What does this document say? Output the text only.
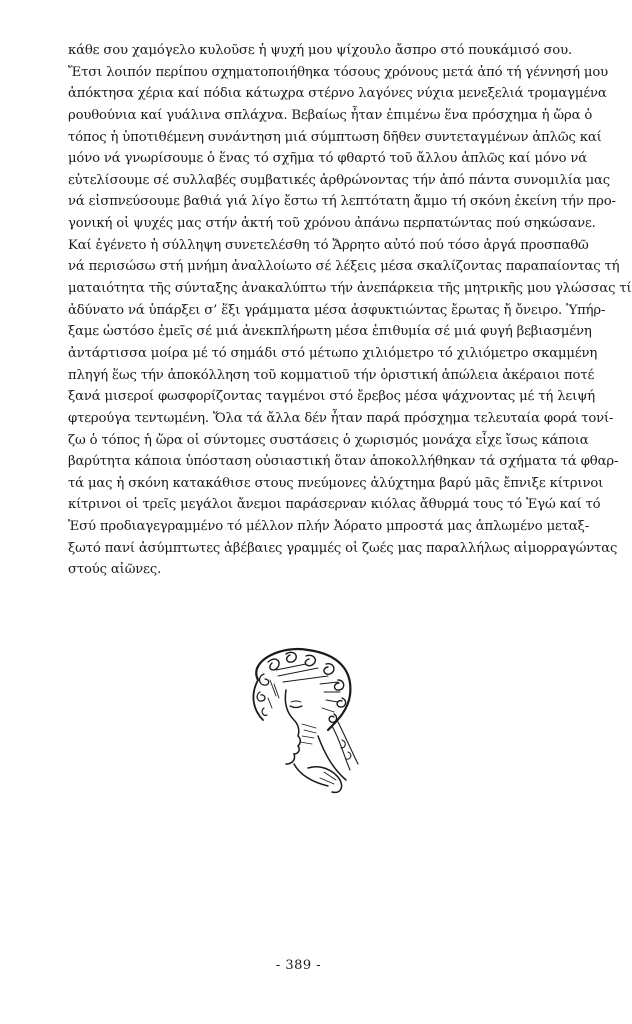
κάθε σου χαμόγελο κυλοῦσε ἡ ψυχή μου ψίχουλο ἄσπρο στό πουκάμισό σου.
Ἔτσι λοιπόν περίπου σχηματοποιήθηκα τόσους χρόνους μετά ἀπό τή γέννησή μου
ἀπόκτησα χέρια καί πόδια κάτωχρα στέρνο λαγόνες νύχια μενεξελιά τρομαγμένα
ρουθούνια καί γυάλινα σπλάχνα. Βεβαίως ἦταν ἐπιμένω ἕνα πρόσχημα ἡ ὥρα ὁ
τόπος ἡ ὑποτιθέμενη συνάντηση μιά σύμπτωση δῆθεν συντεταγμένων ἁπλῶς καί
μόνο νά γνωρίσουμε ὁ ἕνας τό σχῆμα τό φθαρτό τοῦ ἄλλου ἁπλῶς καί μόνο νά
εὐτελίσουμε σέ συλλαβές συμβατικές ἀρθρώνοντας τήν ἀπό πάντα συνομιλία μας
νά εἰσπνεύσουμε βαθιά γιά λίγο ἔστω τή λεπτότατη ἄμμο τή σκόνη ἐκείνη τήν προ-
γονική οἱ ψυχές μας στήν ἀκτή τοῦ χρόνου ἀπάνω περπατώντας πού σηκώσανε.
Καί ἐγένετο ἡ σύλληψη συνετελέσθη τό Ἄρρητο αὐτό πού τόσο ἀργά προσπαθῶ
νά περισώσω στή μνήμη ἀναλλοίωτο σέ λέξεις μέσα σκαλίζοντας παραπαίοντας τή
ματαιότητα τῆς σύνταξης ἀνακαλύπτω τήν ἀνεπάρκεια τῆς μητρικῆς μου γλώσσας τί
ἀδύνατο νά ὑπάρξει σ’ ἕξι γράμματα μέσα ἀσφυκτιώντας ἔρωτας ἤ ὄνειρο. Ὑπήρ-
ξαμε ὡστόσο ἐμεῖς σέ μιά ἀνεκπλήρωτη μέσα ἐπιθυμία σέ μιά φυγή βεβιασμένη
ἀντάρτισσα μοίρα μέ τό σημάδι στό μέτωπο χιλιόμετρο τό χιλιόμετρο σκαμμένη
πληγή ἕως τήν ἀποκόλληση τοῦ κομματιοῦ τήν ὁριστική ἀπώλεια ἀκέραιοι ποτέ
ξανά μισεροί φωσφορίζοντας ταγμένοι στό ἔρεβος μέσα ψάχνοντας μέ τή λειψή
φτερούγα τεντωμένη. Ὅλα τά ἄλλα δέν ἦταν παρά πρόσχημα τελευταία φορά τονί-
ζω ὁ τόπος ἡ ὥρα οἱ σύντομες συστάσεις ὁ χωρισμός μονάχα εἶχε ἴσως κάποια
βαρύτητα κάποια ὑπόσταση οὐσιαστική ὅταν ἀποκολλήθηκαν τά σχήματα τά φθαρ-
τά μας ἡ σκόνη κατακάθισε στους πνεύμονες ἀλύχτημα βαρύ μᾶς ἔπνιξε κίτρινοι
κίτρινοι οἱ τρεῖς μεγάλοι ἄνεμοι παράσερναν κιόλας ἄθυρμά τους τό Ἐγώ καί τό
Ἐσύ προδιαγεγραμμένο τό μέλλον πλήν Ἀόρατο μπροστά μας ἁπλωμένο μεταξ-
ξωτό πανί ἀσύμπτωτες ἀβέβαιες γραμμές οἱ ζωές μας παραλλήλως αἱμορραγώντας
στούς αἰῶνες.
- 389 -
